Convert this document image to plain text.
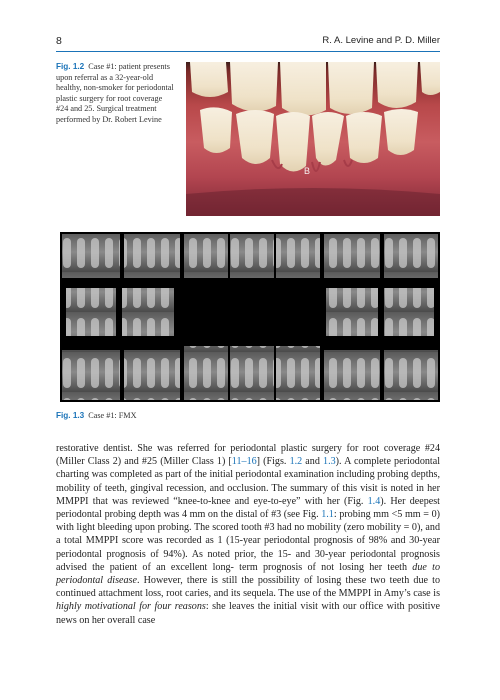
8	R. A. Levine and P. D. Miller
Fig. 1.2 Case #1: patient presents upon referral as a 32-year-old healthy, non-smoker for periodontal plastic surgery for root coverage #24 and 25. Surgical treatment performed by Dr. Robert Levine
B
Fig. 1.3 Case #1: FMX

restorative dentist. She was referred for periodontal plastic surgery for root coverage #24 (Miller Class 2) and #25 (Miller Class 1) [11–16] (Figs. 1.2 and 1.3). A complete periodontal charting was completed as part of the initial periodontal examination including probing depths, mobility of teeth, gingival recession, and occlusion. The summary of this visit is noted in her MMPPI that was reviewed “knee-to-knee and eye-to-eye” with her (Fig. 1.4). Her deepest periodontal probing depth was 4 mm on the distal of #3 (see Fig. 1.1: probing mm <5 mm = 0) with light bleeding upon probing. The scored tooth #3 had no mobility (zero mobility = 0), and a total MMPPI score was recorded as 1 (15-year periodontal prognosis of 98% and 30-year periodontal prognosis of 94%). As noted prior, the 15- and 30-year periodontal prognosis advised the patient of an excellent long- term prognosis of not losing her teeth due to periodontal disease. However, there is still the possibility of losing these two teeth due to continued attachment loss, root caries, and its sequela. The use of the MMPPI in Amy’s case is highly motivational for four reasons: she leaves the initial visit with our office with positive news on her overall case
